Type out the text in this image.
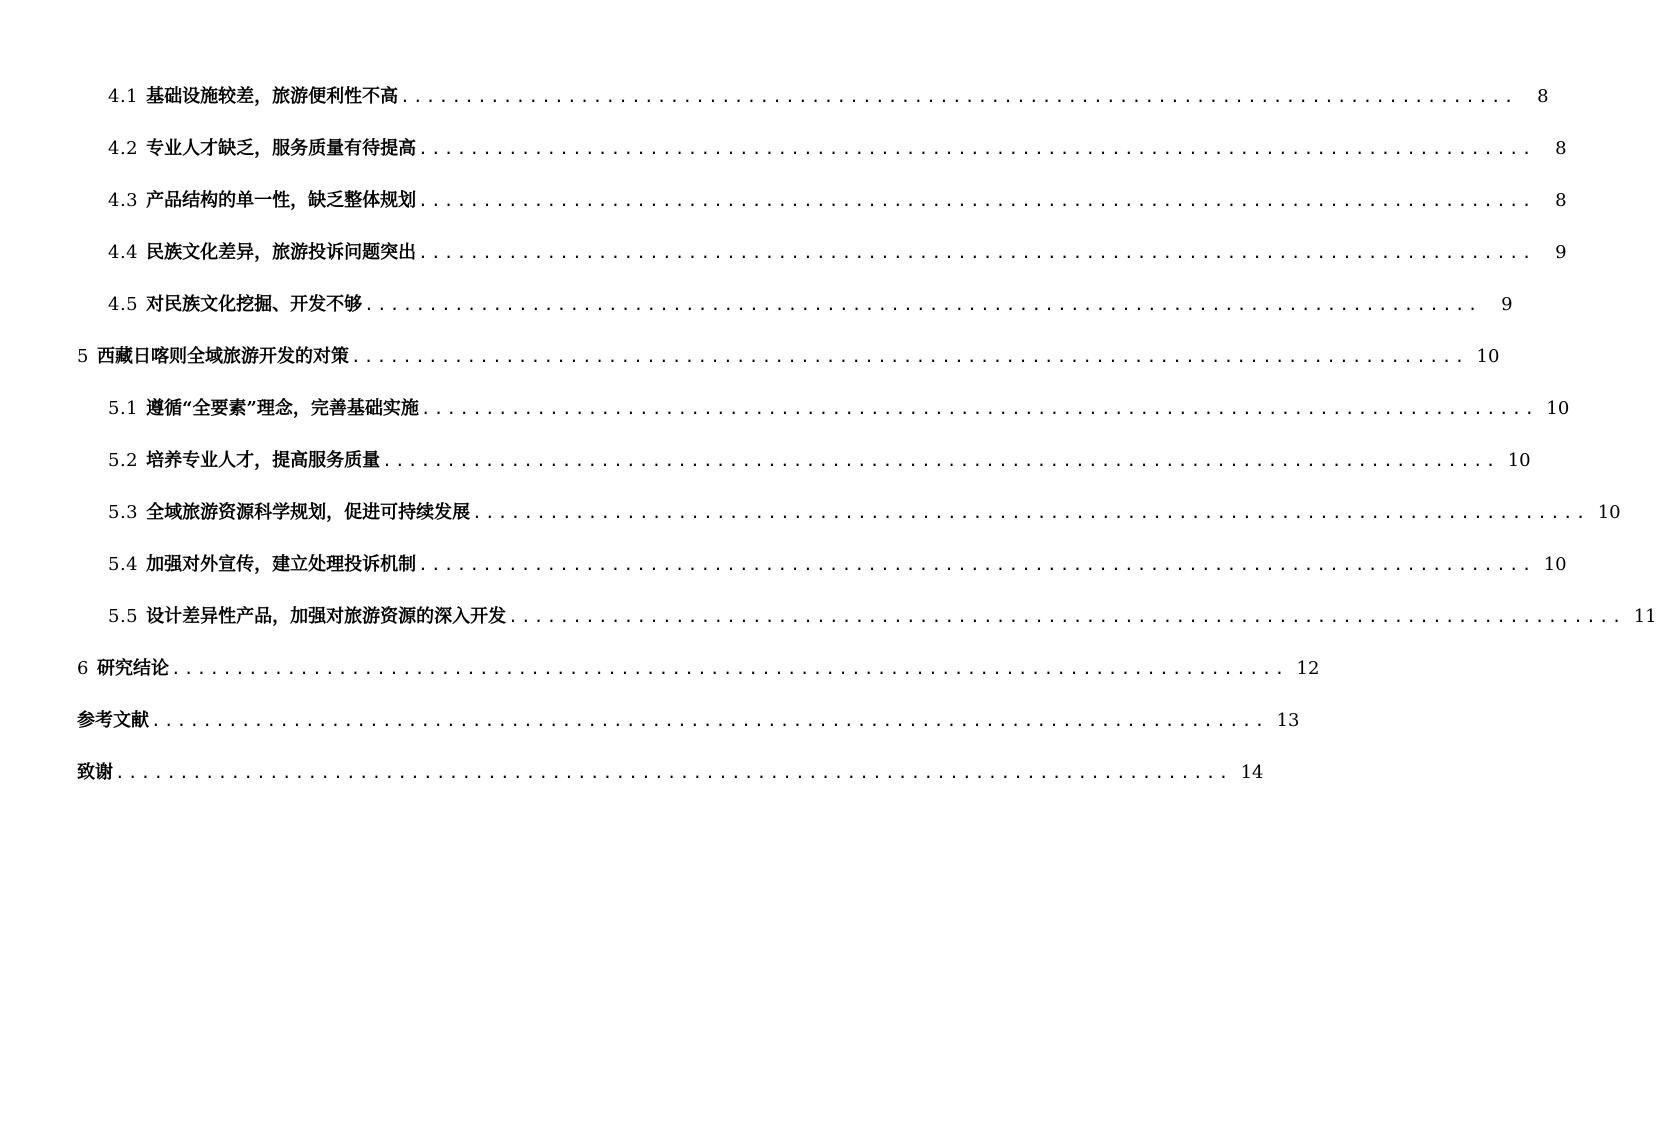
4.1 基础设施较差，旅游便利性不高 .......................................................................................	8
4.2 专业人才缺乏，服务质量有待提高 .......................................................................................	8
4.3 产品结构的单一性，缺乏整体规划 .......................................................................................	8
4.4 民族文化差异，旅游投诉问题突出 .......................................................................................	9
4.5 对民族文化挖掘、开发不够 .......................................................................................	9
5 西藏日喀则全域旅游开发的对策 ....................................................................................... 10
5.1 遵循“全要素”理念，完善基础实施 ....................................................................................... 10
5.2 培养专业人才，提高服务质量 ....................................................................................... 10
5.3 全域旅游资源科学规划，促进可持续发展 ....................................................................................... 10
5.4 加强对外宣传，建立处理投诉机制 ....................................................................................... 10
5.5 设计差异性产品，加强对旅游资源的深入开发 ....................................................................................... 11
6 研究结论 ....................................................................................... 12
参考文献 ....................................................................................... 13
致谢 ....................................................................................... 14
